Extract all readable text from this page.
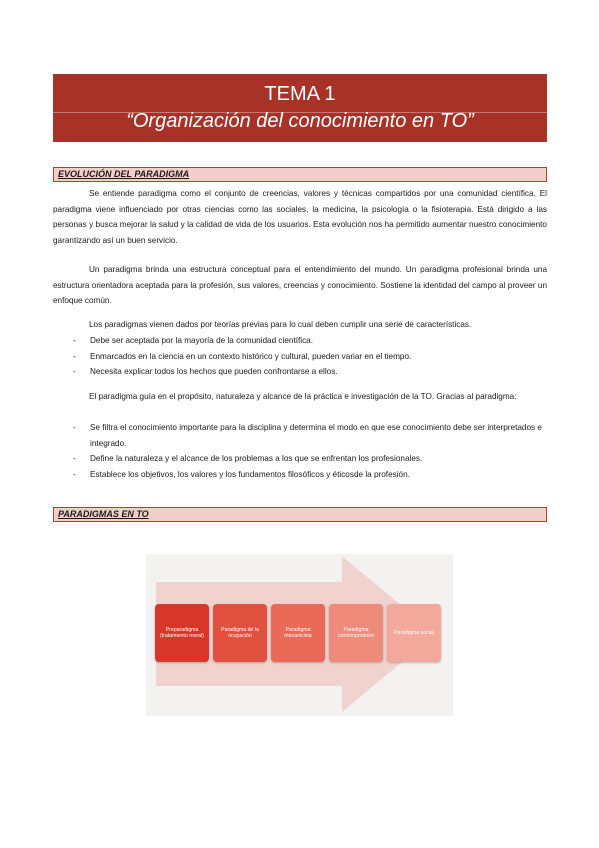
TEMA 1
“Organización del conocimiento en TO”
EVOLUCIÓN DEL PARADIGMA
Se entiende paradigma como el conjunto de creencias, valores y técnicas compartidos por una comunidad científica. El paradigma viene influenciado por otras ciencias como las sociales, la medicina, la psicología o la fisioterapia. Está dirigido a las personas y busca mejorar la salud y la calidad de vida de los usuarios. Esta evolución nos ha permitido aumentar nuestro conocimiento garantizando así un buen servicio.
Un paradigma brinda una estructura conceptual para el entendimiento del mundo. Un paradigma profesional brinda una estructura orientadora aceptada para la profesión, sus valores, creencias y conocimiento. Sostiene la identidad del campo al proveer un enfoque común.
Los paradigmas vienen dados por teorías previas para lo cual deben cumplir una serie de características.
- Debe ser aceptada por la mayoría de la comunidad científica.
- Enmarcados en la ciencia en un contexto histórico y cultural, pueden variar en el tiempo.
- Necesita explicar todos los hechos que pueden confrontarse a ellos.
El paradigma guía en el propósito, naturaleza y alcance de la práctica e investigación de la TO. Gracias al paradigma:
- Se filtra el conocimiento importante para la disciplina y determina el modo en que ese conocimiento debe ser interpretados e integrado.
- Define la naturaleza y el alcance de los problemas a los que se enfrentan los profesionales.
- Establece los objetivos, los valores y los fundamentos filosóficos y éticosde la profesión.
PARADIGMAS EN TO
Preparadigma (tratamiento moral)
Paradigma de la ocupación
Paradigma mecanicista
Paradigma contemporáneo
Paradigma social
